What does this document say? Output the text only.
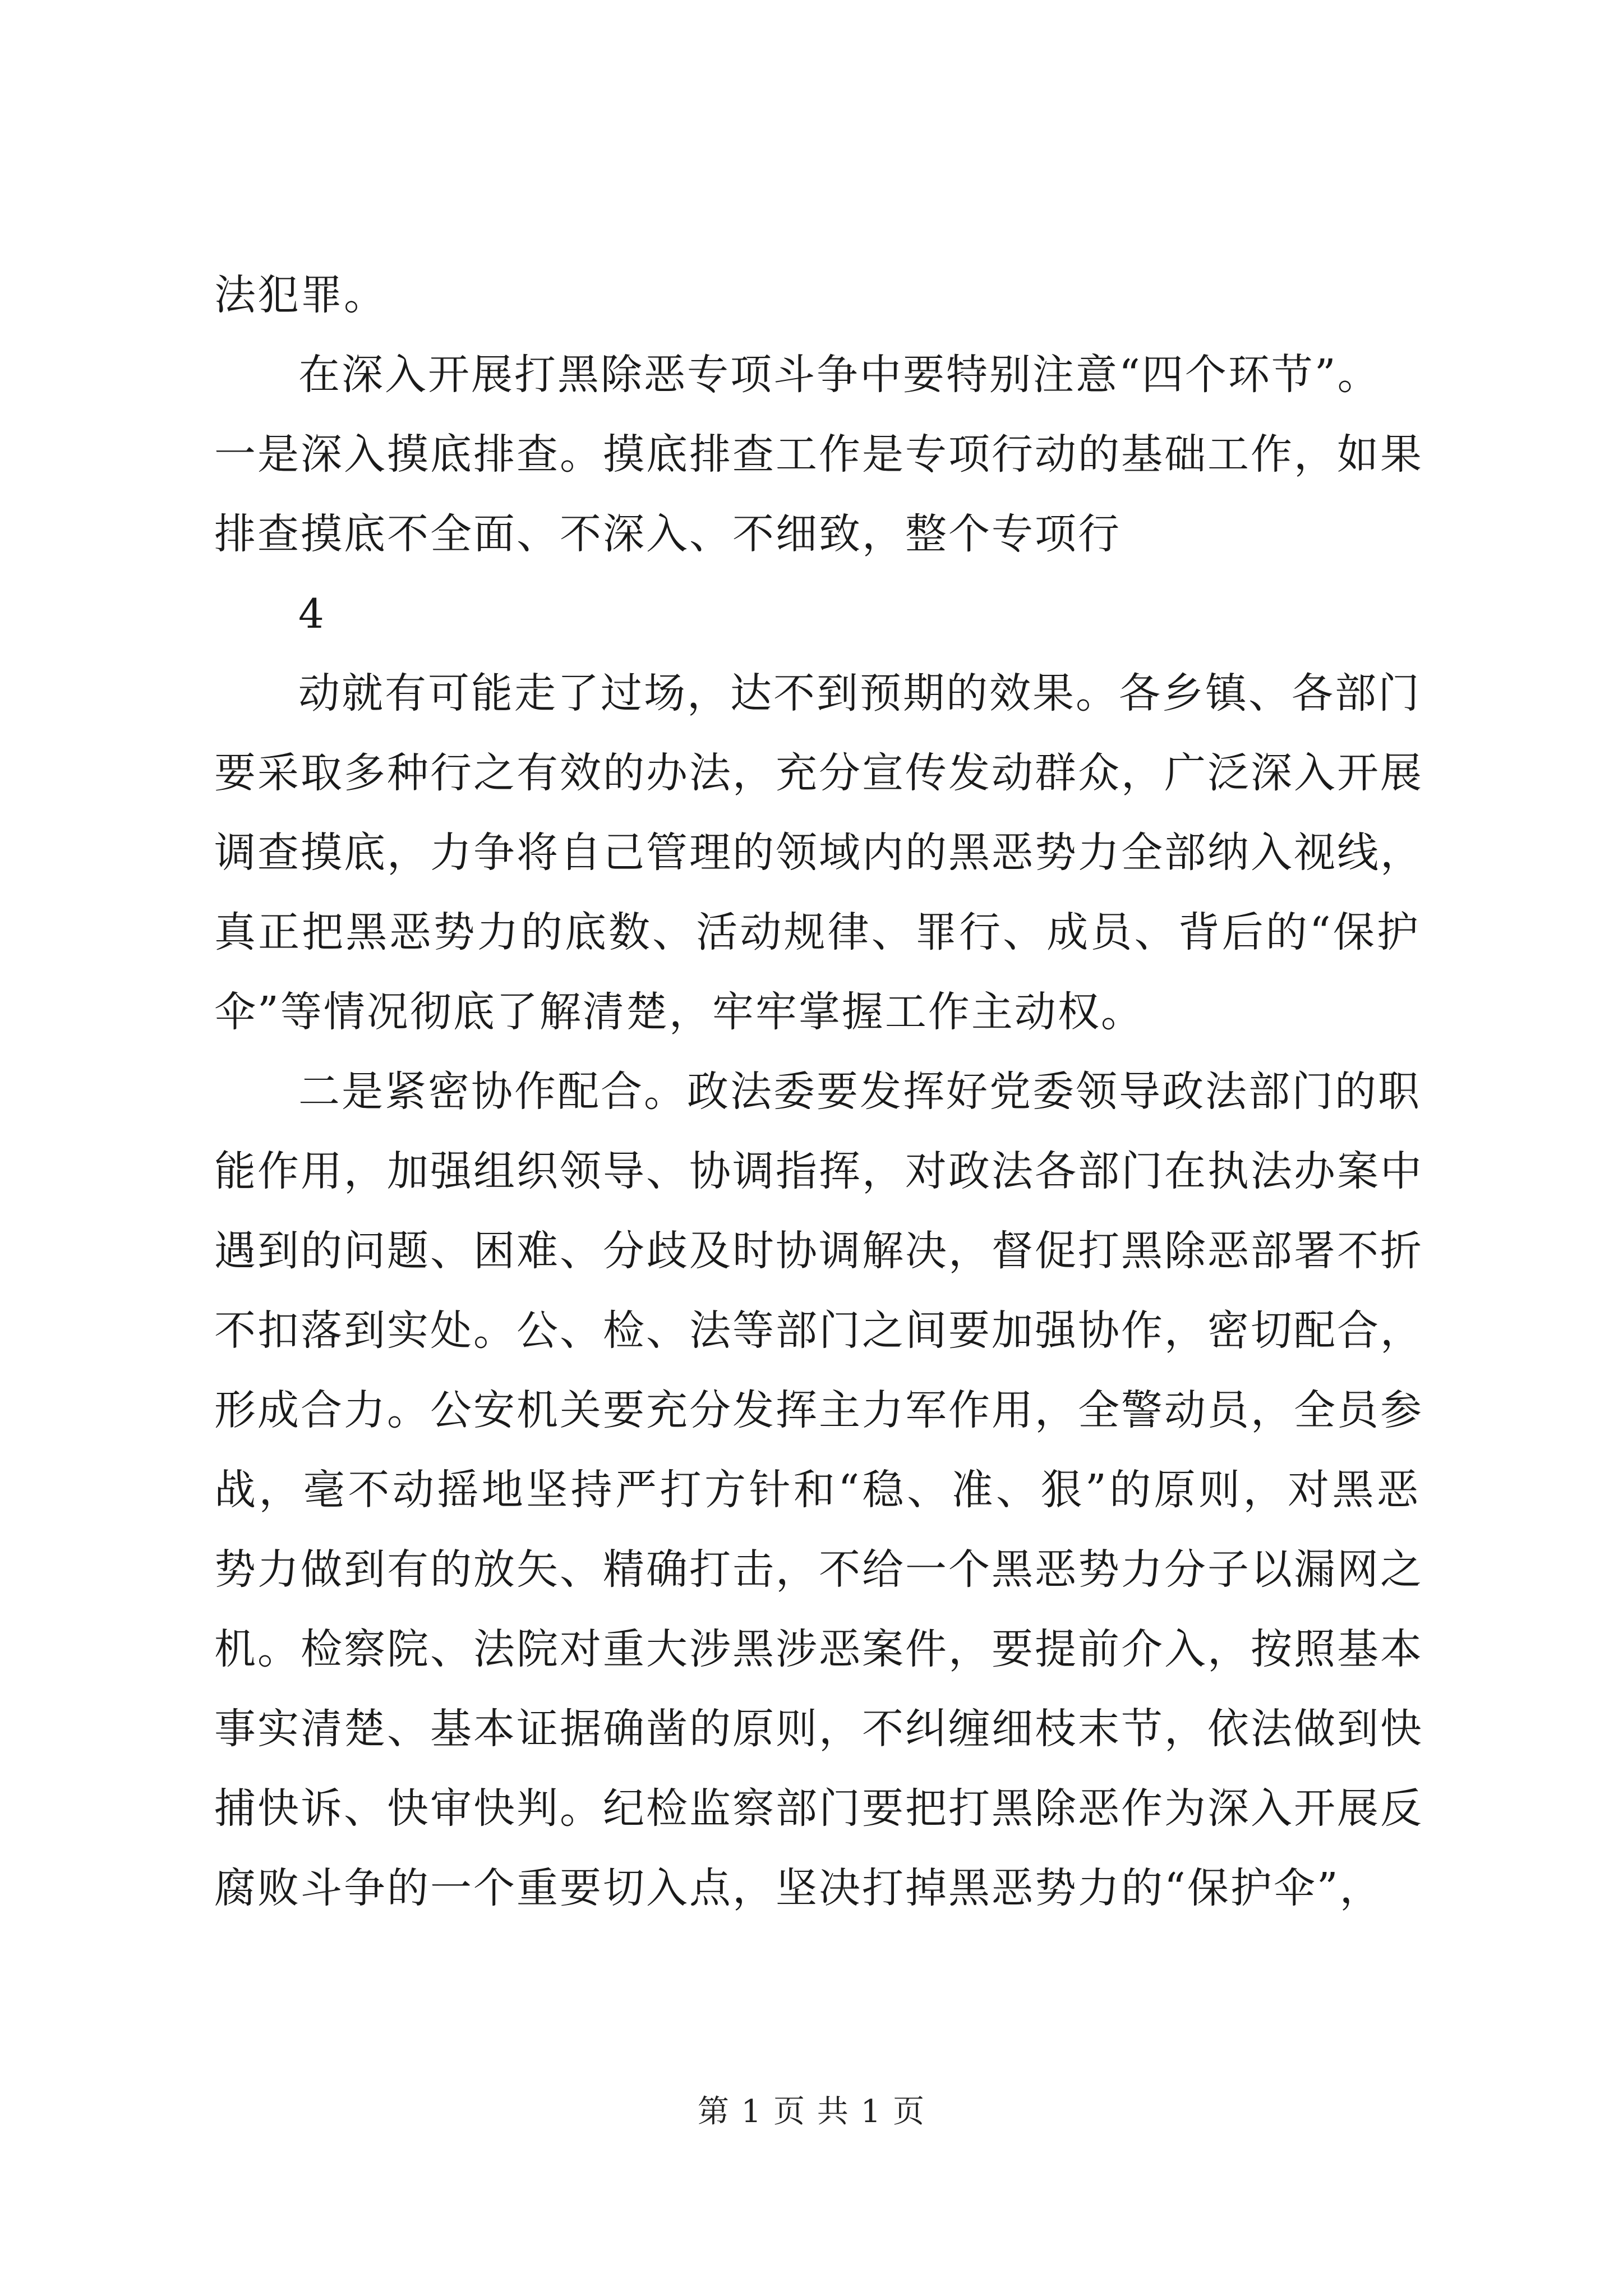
法犯罪。
在深入开展打黑除恶专项斗争中要特别注意“四个环节”。
一是深入摸底排查。摸底排查工作是专项行动的基础工作，如果
排查摸底不全面、不深入、不细致，整个专项行
4
动就有可能走了过场，达不到预期的效果。各乡镇、各部门
要采取多种行之有效的办法，充分宣传发动群众，广泛深入开展
调查摸底，力争将自己管理的领域内的黑恶势力全部纳入视线，
真正把黑恶势力的底数、活动规律、罪行、成员、背后的“保护
伞”等情况彻底了解清楚，牢牢掌握工作主动权。
二是紧密协作配合。政法委要发挥好党委领导政法部门的职
能作用，加强组织领导、协调指挥，对政法各部门在执法办案中
遇到的问题、困难、分歧及时协调解决，督促打黑除恶部署不折
不扣落到实处。公、检、法等部门之间要加强协作，密切配合，
形成合力。公安机关要充分发挥主力军作用，全警动员，全员参
战，毫不动摇地坚持严打方针和“稳、准、狠”的原则，对黑恶
势力做到有的放矢、精确打击，不给一个黑恶势力分子以漏网之
机。检察院、法院对重大涉黑涉恶案件，要提前介入，按照基本
事实清楚、基本证据确凿的原则，不纠缠细枝末节，依法做到快
捕快诉、快审快判。纪检监察部门要把打黑除恶作为深入开展反
腐败斗争的一个重要切入点，坚决打掉黑恶势力的“保护伞”，
第 1 页 共 1 页
